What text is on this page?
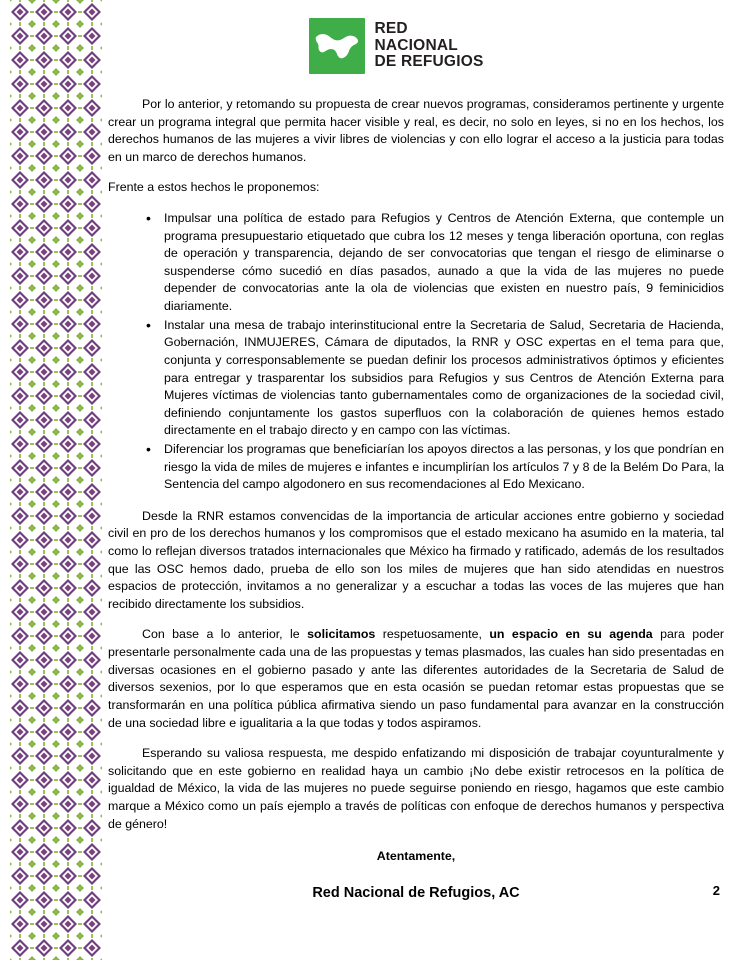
RED
NACIONAL
DE REFUGIOS

Por lo anterior, y retomando su propuesta de crear nuevos programas, consideramos pertinente y urgente crear un programa integral que permita hacer visible y real, es decir, no solo en leyes, si no en los hechos, los derechos humanos de las mujeres a vivir libres de violencias y con ello lograr el acceso a la justicia para todas en un marco de derechos humanos.

Frente a estos hechos le proponemos:

• Impulsar una política de estado para Refugios y Centros de Atención Externa, que contemple un programa presupuestario etiquetado que cubra los 12 meses y tenga liberación oportuna, con reglas de operación y transparencia, dejando de ser convocatorias que tengan el riesgo de eliminarse o suspenderse cómo sucedió en días pasados, aunado a que la vida de las mujeres no puede depender de convocatorias ante la ola de violencias que existen en nuestro país, 9 feminicidios diariamente.
• Instalar una mesa de trabajo interinstitucional entre la Secretaria de Salud, Secretaria de Hacienda, Gobernación, INMUJERES, Cámara de diputados, la RNR y OSC expertas en el tema para que, conjunta y corresponsablemente se puedan definir los procesos administrativos óptimos y eficientes para entregar y trasparentar los subsidios para Refugios y sus Centros de Atención Externa para Mujeres víctimas de violencias tanto gubernamentales como de organizaciones de la sociedad civil, definiendo conjuntamente los gastos superfluos con la colaboración de quienes hemos estado directamente en el trabajo directo y en campo con las víctimas.
• Diferenciar los programas que beneficiarían los apoyos directos a las personas, y los que pondrían en riesgo la vida de miles de mujeres e infantes e incumplirían los artículos 7 y 8 de la Belém Do Para, la Sentencia del campo algodonero en sus recomendaciones al Edo Mexicano.

Desde la RNR estamos convencidas de la importancia de articular acciones entre gobierno y sociedad civil en pro de los derechos humanos y los compromisos que el estado mexicano ha asumido en la materia, tal como lo reflejan diversos tratados internacionales que México ha firmado y ratificado, además de los resultados que las OSC hemos dado, prueba de ello son los miles de mujeres que han sido atendidas en nuestros espacios de protección, invitamos a no generalizar y a escuchar a todas las voces de las mujeres que han recibido directamente los subsidios.

Con base a lo anterior, le solicitamos respetuosamente, un espacio en su agenda para poder presentarle personalmente cada una de las propuestas y temas plasmados, las cuales han sido presentadas en diversas ocasiones en el gobierno pasado y ante las diferentes autoridades de la Secretaria de Salud de diversos sexenios, por lo que esperamos que en esta ocasión se puedan retomar estas propuestas que se transformarán en una política pública afirmativa siendo un paso fundamental para avanzar en la construcción de una sociedad libre e igualitaria a la que todas y todos aspiramos.

Esperando su valiosa respuesta, me despido enfatizando mi disposición de trabajar coyunturalmente y solicitando que en este gobierno en realidad haya un cambio ¡No debe existir retrocesos en la política de igualdad de México, la vida de las mujeres no puede seguirse poniendo en riesgo, hagamos que este cambio marque a México como un país ejemplo a través de políticas con enfoque de derechos humanos y perspectiva de género!

Atentamente,
Red Nacional de Refugios, AC	2
